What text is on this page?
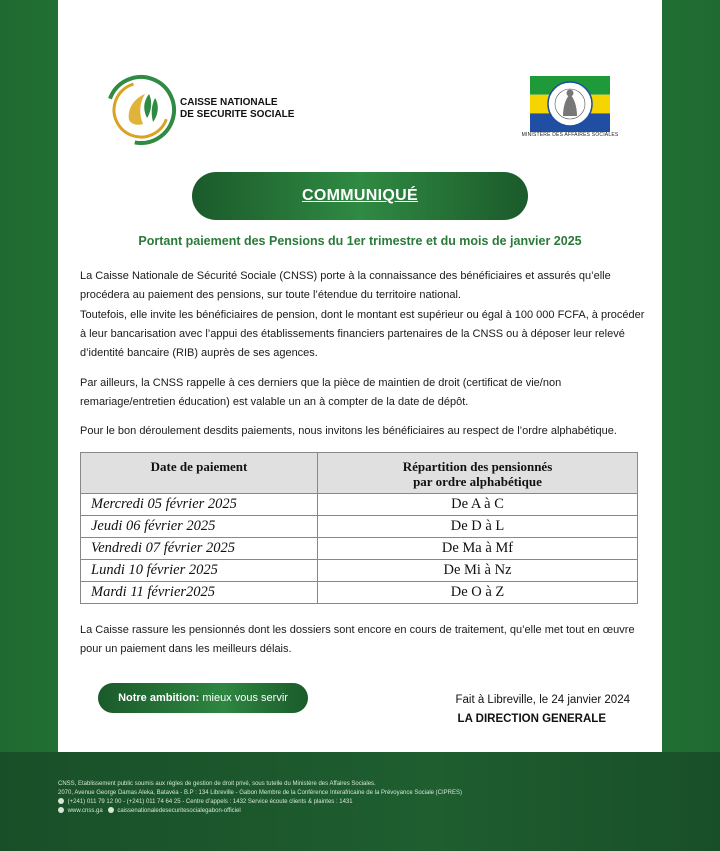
CAISSE NATIONALE
DE SECURITE SOCIALE
MINISTÈRE DES AFFAIRES SOCIALES
COMMUNIQUÉ
Portant paiement des Pensions du 1er trimestre et du mois de janvier 2025
La Caisse Nationale de Sécurité Sociale (CNSS) porte à la connaissance des bénéficiaires et assurés qu’elle procédera au paiement des pensions, sur toute l’étendue du territoire national.
Toutefois, elle invite les bénéficiaires de pension, dont le montant est supérieur ou égal à 100 000 FCFA, à procéder à leur bancarisation avec l’appui des établissements financiers partenaires de la CNSS ou à déposer leur relevé d’identité bancaire (RIB) auprès de ses agences.
Par ailleurs, la CNSS rappelle à ces derniers que la pièce de maintien de droit (certificat de vie/non remariage/entretien éducation) est valable un an à compter de la date de dépôt.
Pour le bon déroulement desdits paiements, nous invitons les bénéficiaires au respect de l’ordre alphabétique.
Date de paiement	Répartition des pensionnés
par ordre alphabétique

Mercredi 05 février 2025	De A à C
Jeudi 06 février 2025	De D à L
Vendredi 07 février 2025	De Ma à Mf
Lundi 10 février 2025	De Mi à Nz
Mardi 11 février2025	De O à Z
La Caisse rassure les pensionnés dont les dossiers sont encore en cours de traitement, qu’elle met tout en œuvre pour un paiement dans les meilleurs délais.
Notre ambition: mieux vous servir	Fait à Libreville, le 24 janvier 2024
LA DIRECTION GENERALE
CNSS, Etablissement public soumis aux règles de gestion de droit privé, sous tutelle du Ministère des Affaires Sociales.
2070, Avenue George Damas Aleka, Batavéa - B.P : 134 Libreville - Gabon Membre de la Conférence Interafricaine de la Prévoyance Sociale (CIPRES)
(+241) 011 79 12 00 - (+241) 011 74 64 25 - Centre d’appels : 1432 Service écoute clients & plaintes : 1431
www.cnss.ga caissenationaledesecuritesocialegabon-officiel
